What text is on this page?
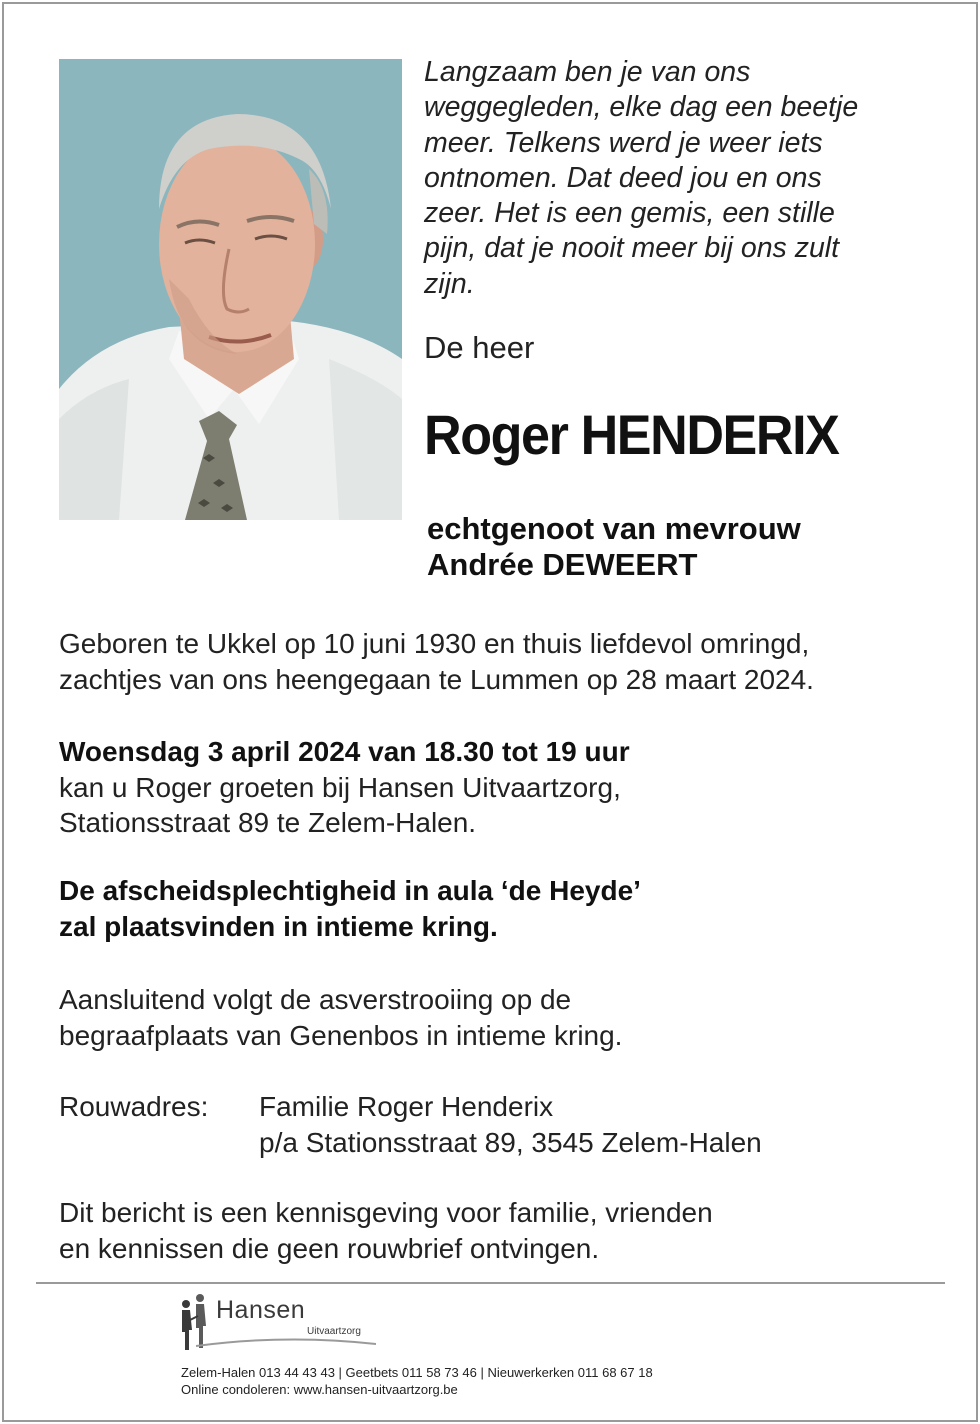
Langzaam ben je van ons
weggegleden, elke dag een beetje
meer. Telkens werd je weer iets
ontnomen. Dat deed jou en ons
zeer. Het is een gemis, een stille
pijn, dat je nooit meer bij ons zult
zijn.
De heer
Roger HENDERIX
echtgenoot van mevrouw
Andrée DEWEERT
Geboren te Ukkel op 10 juni 1930 en thuis liefdevol omringd,
zachtjes van ons heengegaan te Lummen op 28 maart 2024.
Woensdag 3 april 2024 van 18.30 tot 19 uur
kan u Roger groeten bij Hansen Uitvaartzorg,
Stationsstraat 89 te Zelem-Halen.
De afscheidsplechtigheid in aula ‘de Heyde’
zal plaatsvinden in intieme kring.
Aansluitend volgt de asverstrooiing op de
begraafplaats van Genenbos in intieme kring.
Rouwadres: Familie Roger Henderix
p/a Stationsstraat 89, 3545 Zelem-Halen
Dit bericht is een kennisgeving voor familie, vrienden
en kennissen die geen rouwbrief ontvingen.
Hansen
Uitvaartzorg
Zelem-Halen 013 44 43 43 | Geetbets 011 58 73 46 | Nieuwerkerken 011 68 67 18
Online condoleren: www.hansen-uitvaartzorg.be
